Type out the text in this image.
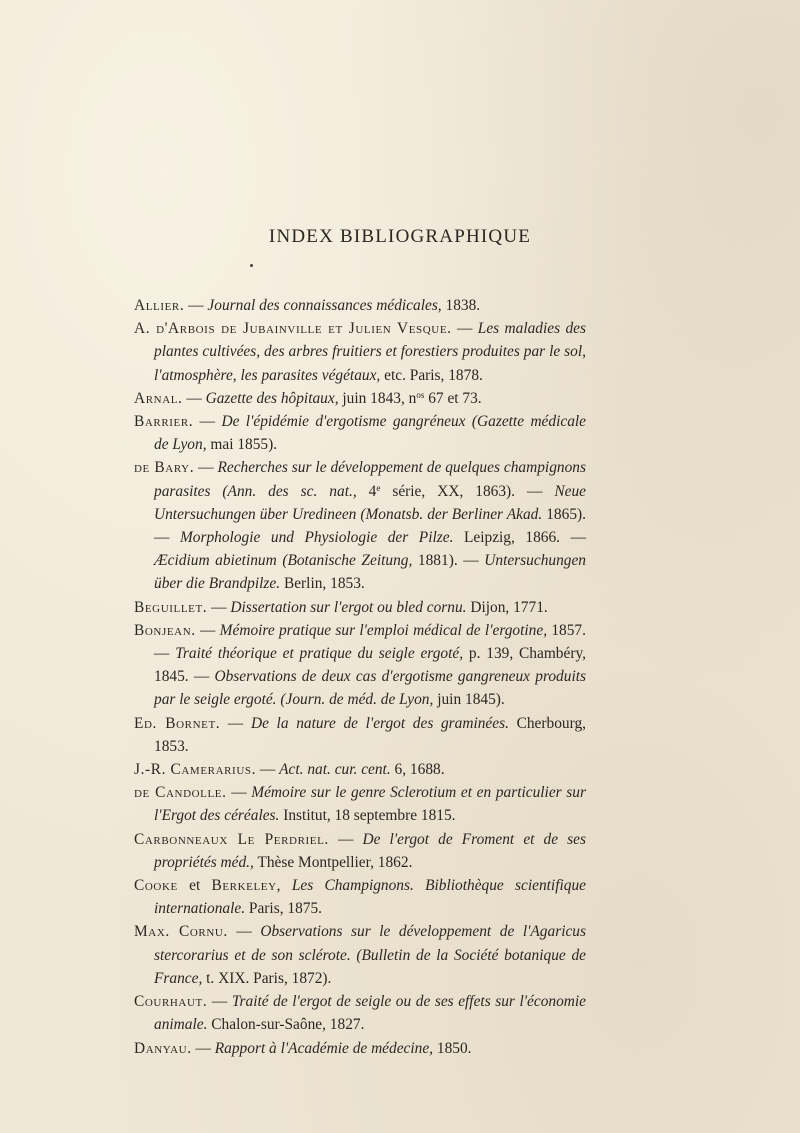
INDEX BIBLIOGRAPHIQUE

Allier. — Journal des connaissances médicales, 1838.

A. d'Arbois de Jubainville et Julien Vesque. — Les maladies des plantes cultivées, des arbres fruitiers et forestiers produites par le sol, l'atmosphère, les parasites végétaux, etc. Paris, 1878.

Arnal. — Gazette des hôpitaux, juin 1843, $n^{os}$ 67 et 73.

Barrier. — De l'épidémie d'ergotisme gangréneux (Gazette médicale de Lyon, mai 1855).

de Bary. — Recherches sur le développement de quelques champignons parasites (Ann. des sc. nat., 4e série, XX, 1863). — Neue Untersuchungen über Uredineen (Monatsb. der Berliner Akad. 1865). — Morphologie und Physiologie der Pilze. Leipzig, 1866. — Æcidium abietinum (Botanische Zeitung, 1881). — Untersuchungen über die Brandpilze. Berlin, 1853.

Beguillet. — Dissertation sur l'ergot ou bled cornu. Dijon, 1771.

Bonjean. — Mémoire pratique sur l'emploi médical de l'ergotine, 1857. — Traité théorique et pratique du seigle ergoté, p. 139, Chambéry, 1845. — Observations de deux cas d'ergotisme gangreneux produits par le seigle ergoté. (Journ. de méd. de Lyon, juin 1845).

Ed. Bornet. — De la nature de l'ergot des graminées. Cherbourg, 1853.

J.-R. Camerarius. — Act. nat. cur. cent. 6, 1688.

de Candolle. — Mémoire sur le genre Sclerotium et en particulier sur l'Ergot des céréales. Institut, 18 septembre 1815.

Carbonneaux Le Perdriel. — De l'ergot de Froment et de ses propriétés méd., Thèse Montpellier, 1862.

Cooke et Berkeley, Les Champignons. Bibliothèque scientifique internationale. Paris, 1875.

Max. Cornu. — Observations sur le développement de l'Agaricus stercorarius et de son sclérote. (Bulletin de la Société botanique de France, t. XIX. Paris, 1872).

Courhaut. — Traité de l'ergot de seigle ou de ses effets sur l'économie animale. Chalon-sur-Saône, 1827.

Danyau. — Rapport à l'Académie de médecine, 1850.
